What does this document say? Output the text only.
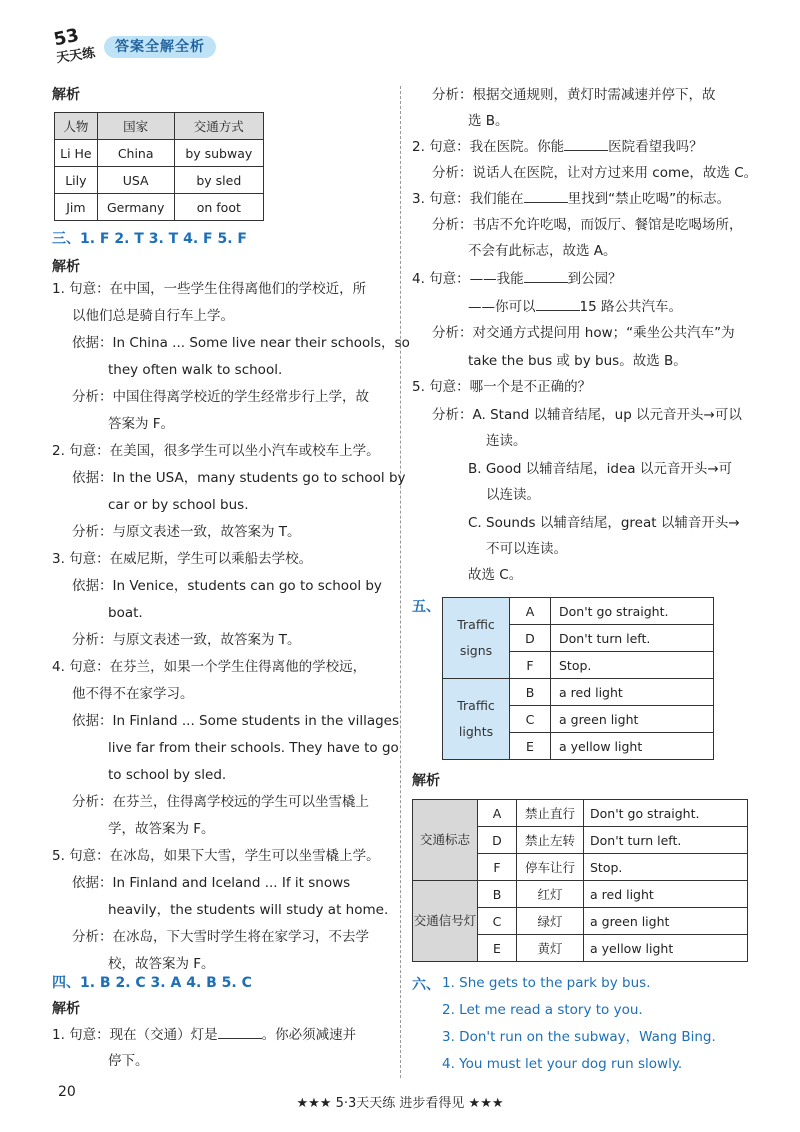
53
天天练	答案全解全析
解析
人物	国家	交通方式
Li He	China	by subway
Lily	USA	by sled
Jim	Germany	on foot
三、1. F 2. T 3. T 4. F 5. F
解析
1. 句意：在中国，一些学生住得离他们的学校近，所
以他们总是骑自行车上学。
依据：In China ... Some live near their schools，so
they often walk to school.
分析：中国住得离学校近的学生经常步行上学，故
答案为 F。
2. 句意：在美国，很多学生可以坐小汽车或校车上学。
依据：In the USA，many students go to school by
car or by school bus.
分析：与原文表述一致，故答案为 T。
3. 句意：在威尼斯，学生可以乘船去学校。
依据：In Venice，students can go to school by
boat.
分析：与原文表述一致，故答案为 T。
4. 句意：在芬兰，如果一个学生住得离他的学校远，
他不得不在家学习。
依据：In Finland ... Some students in the villages
live far from their schools. They have to go
to school by sled.
分析：在芬兰，住得离学校远的学生可以坐雪橇上
学，故答案为 F。
5. 句意：在冰岛，如果下大雪，学生可以坐雪橇上学。
依据：In Finland and Iceland ... If it snows
heavily，the students will study at home.
分析：在冰岛，下大雪时学生将在家学习，不去学
校，故答案为 F。
四、1. B 2. C 3. A 4. B 5. C
解析
1. 句意：现在（交通）灯是	。你必须减速并
停下。
分析：根据交通规则，黄灯时需减速并停下，故
选 B。
2. 句意：我在医院。你能	医院看望我吗？
分析：说话人在医院，让对方过来用 come，故选 C。
3. 句意：我们能在	里找到“禁止吃喝”的标志。
分析：书店不允许吃喝，而饭厅、餐馆是吃喝场所，
不会有此标志，故选 A。
4. 句意：——我能	到公园？
——你可以	15 路公共汽车。
分析：对交通方式提问用 how；“乘坐公共汽车”为
take the bus 或 by bus。故选 B。
5. 句意：哪一个是不正确的？
分析：A. Stand 以辅音结尾，up 以元音开头→可以
连读。
B. Good 以辅音结尾，idea 以元音开头→可
以连读。
C. Sounds 以辅音结尾，great 以辅音开头→
不可以连读。
故选 C。
五、
Traffic signs	A	Don't go straight.
	D	Don't turn left.
	F	Stop.
Traffic lights	B	a red light
	C	a green light
	E	a yellow light
解析
交通标志	A	禁止直行	Don't go straight.
	D	禁止左转	Don't turn left.
	F	停车让行	Stop.
交通信号灯	B	红灯	a red light
	C	绿灯	a green light
	E	黄灯	a yellow light
六、 1. She gets to the park by bus.
2. Let me read a story to you.
3. Don't run on the subway，Wang Bing.
4. You must let your dog run slowly.
20
★★★ 5·3天天练 进步看得见 ★★★
